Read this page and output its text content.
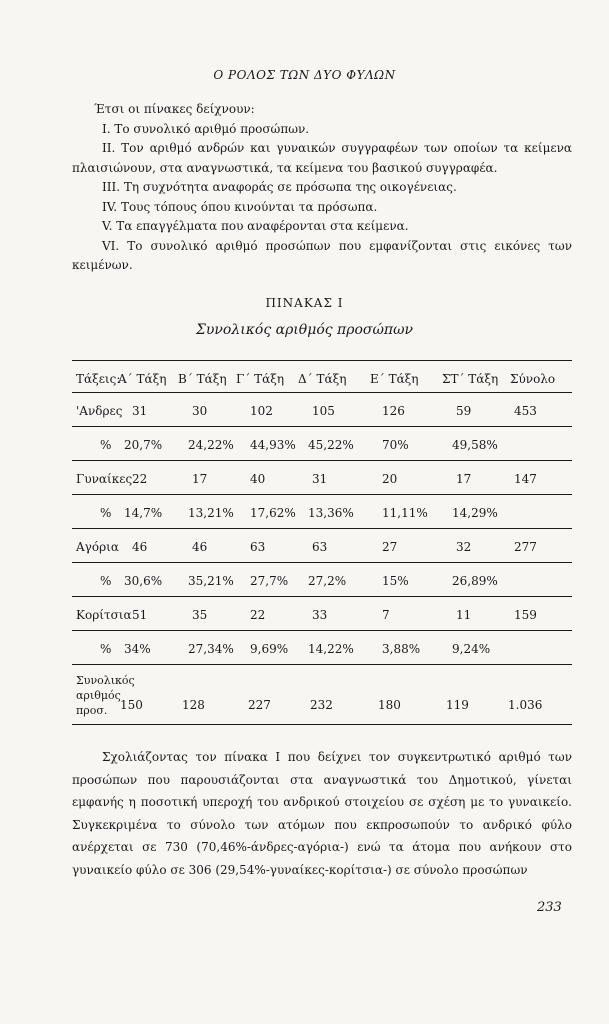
Ο ΡΟΛΟΣ ΤΩΝ ΔΥΟ ΦΥΛΩΝ

Έτσι οι πίνακες δείχνουν:

Ι. Το συνολικό αριθμό προσώπων.

ΙΙ. Τον αριθμό ανδρών και γυναικών συγγραφέων των οποίων τα κείμενα πλαισιώνουν, στα αναγνωστικά, τα κείμενα του βασικού συγγραφέα.

ΙΙΙ. Τη συχνότητα αναφοράς σε πρόσωπα της οικογένειας.

ΙV. Τους τόπους όπου κινούνται τα πρόσωπα.

V. Τα επαγγέλματα που αναφέρονται στα κείμενα.

VI. Το συνολικό αριθμό προσώπων που εμφανίζονται στις εικόνες των κειμένων.

ΠΙΝΑΚΑΣ Ι
Συνολικός αριθμός προσώπων
Τάξεις:
Α΄ Τάξη Β΄ Τάξη Γ΄ Τάξη Δ΄ Τάξη Ε΄ Τάξη ΣΤ΄ Τάξη Σύνολο
'Ανδρες 31	30	102	105	126	59	453
% 20,7% 24,22% 44,93% 45,22% 70%	49,58%
Γυναίκες 22	17	40	31	20	17	147
% 14,7% 13,21% 17,62% 13,36% 11,11% 14,29%
Αγόρια 46	46	63	63	27	32	277
% 30,6% 35,21% 27,7% 27,2%	15%	26,89%
Κορίτσια 51	35	22	33	7	11	159
% 34%	27,34% 9,69% 14,22% 3,88%	9,24%
Συνολικός
αριθμός
προσ. 150	128	227	232	180	119	1.036

Σχολιάζοντας τον πίνακα Ι που δείχνει τον συγκεντρωτικό αριθμό των προσώπων που παρουσιάζονται στα αναγνωστικά του Δημοτικού, γίνεται εμφανής η ποσοτική υπεροχή του ανδρικού στοιχείου σε σχέση με το γυναικείο. Συγκεκριμένα το σύνολο των ατόμων που εκπροσωπούν το ανδρικό φύλο ανέρχεται σε 730 (70,46%-άνδρες-αγόρια-) ενώ τα άτομα που ανήκουν στο γυναικείο φύλο σε 306 (29,54%-γυναίκες-κορίτσια-) σε σύνολο προσώπων

233
